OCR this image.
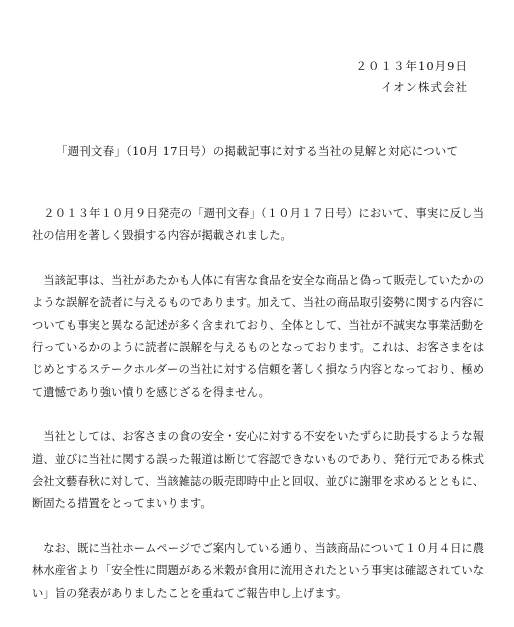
２０１３年10月9日
イオン株式会社
「週刊文春」（10月 17日号）の掲載記事に対する当社の見解と対応について

２０１３年１０月９日発売の「週刊文春」（１０月１７日号）において、事実に反し当社の信用を著しく毀損する内容が掲載されました。

当該記事は、当社があたかも人体に有害な食品を安全な商品と偽って販売していたかのような誤解を読者に与えるものであります。加えて、当社の商品取引姿勢に関する内容についても事実と異なる記述が多く含まれており、全体として、当社が不誠実な事業活動を行っているかのように読者に誤解を与えるものとなっております。これは、お客さまをはじめとするステークホルダーの当社に対する信頼を著しく損なう内容となっており、極めて遺憾であり強い憤りを感じざるを得ません。

当社としては、お客さまの食の安全・安心に対する不安をいたずらに助長するような報道、並びに当社に関する誤った報道は断じて容認できないものであり、発行元である株式会社文藝春秋に対して、当該雑誌の販売即時中止と回収、並びに謝罪を求めるとともに、断固たる措置をとってまいります。

なお、既に当社ホームページでご案内している通り、当該商品について１０月４日に農林水産省より「安全性に問題がある米穀が食用に流用されたという事実は確認されていない」旨の発表がありましたことを重ねてご報告申し上げます。
